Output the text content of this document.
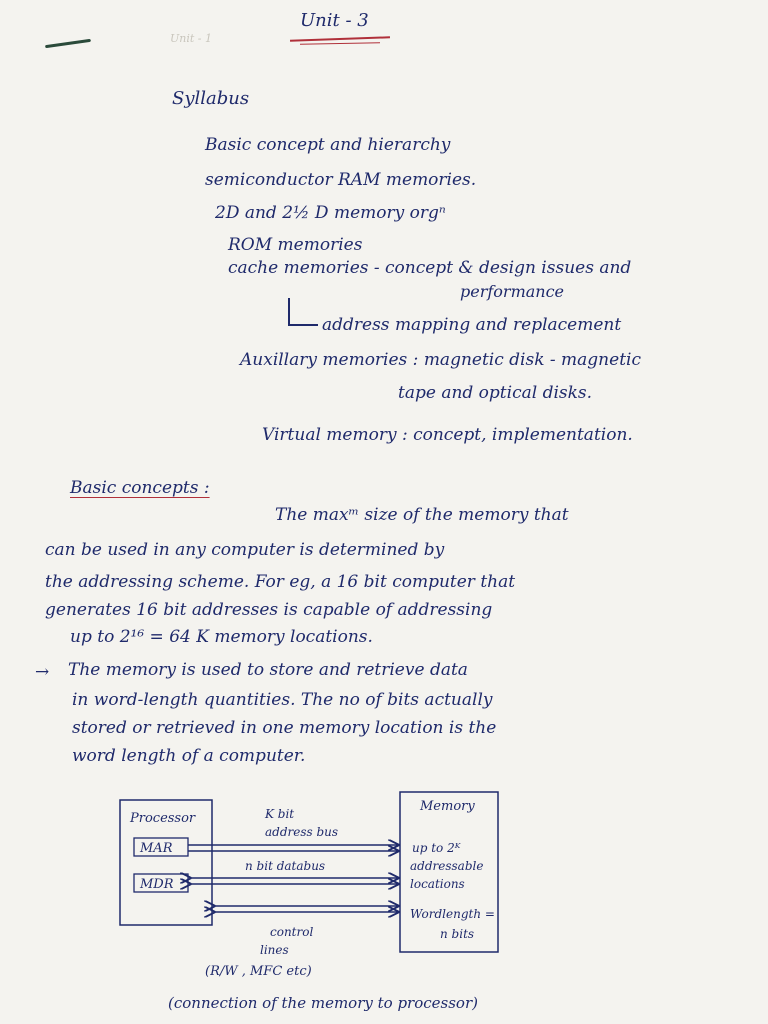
Unit - 1
Unit - 3
Syllabus
Basic concept and hierarchy
semiconductor RAM memories.
2D and 2½ D memory orgⁿ
ROM memories
cache memories - concept & design issues and
performance
address mapping and replacement
Auxillary memories : magnetic disk - magnetic
tape and optical disks.
Virtual memory : concept, implementation.
Basic concepts :
The maxᵐ size of the memory that
can be used in any computer is determined by
the addressing scheme. For eg, a 16 bit computer that
generates 16 bit addresses is capable of addressing
up to 2¹⁶ = 64 K memory locations.
→ The memory is used to store and retrieve data
in word-length quantities. The no of bits actually
stored or retrieved in one memory location is the
word length of a computer.
Processor
MAR
MDR
Memory
up to 2ᴷ
addressable
locations
Wordlength =
n bits
K bit
address bus
n bit databus
control
lines
(R/W , MFC etc)
(connection of the memory to processor)
